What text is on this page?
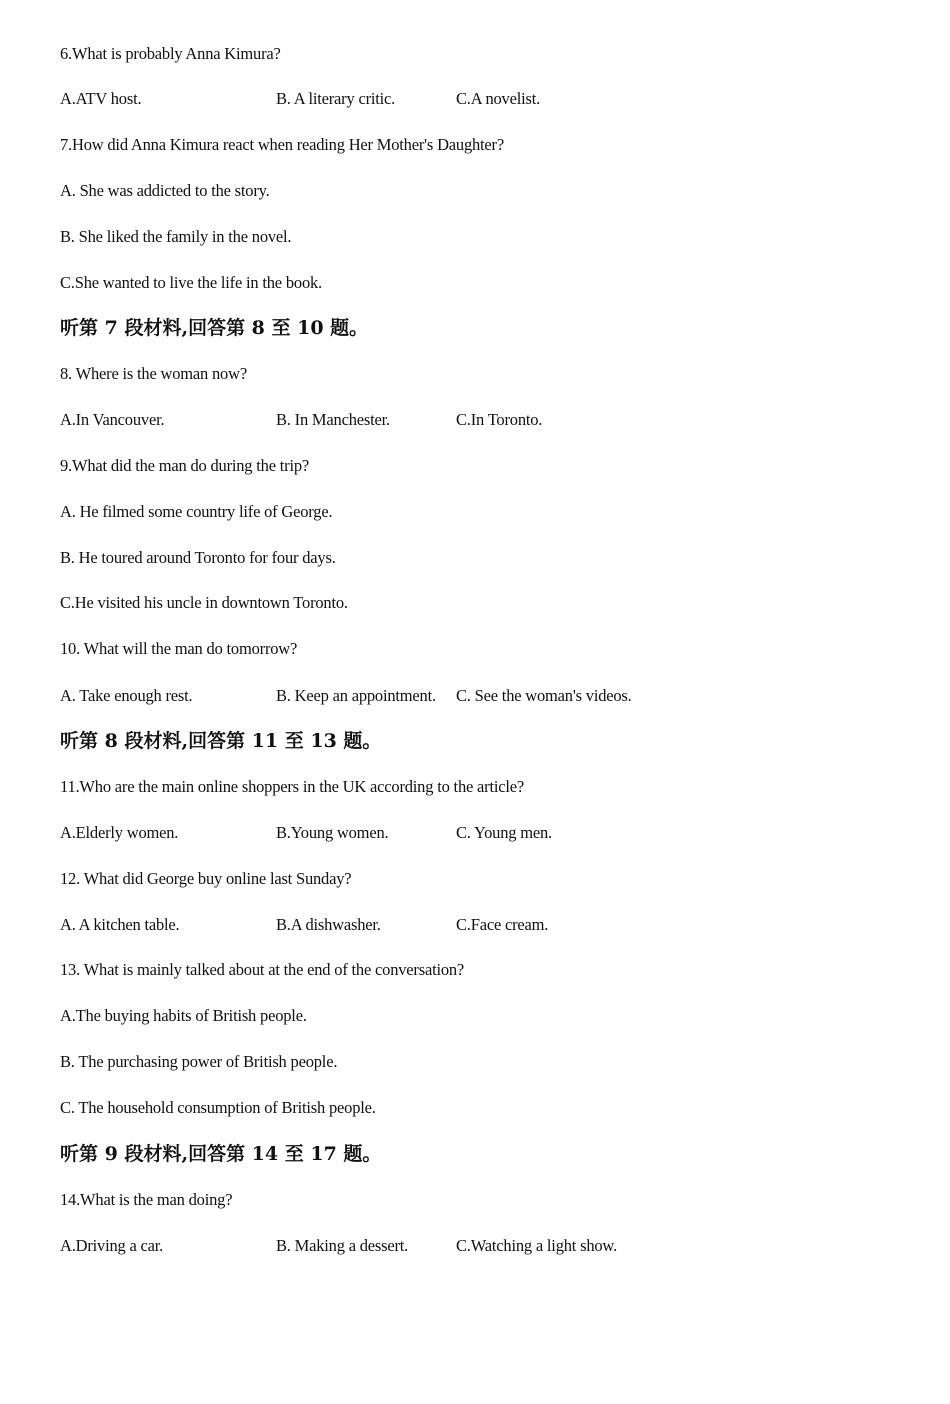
6.What is probably Anna Kimura?
A.ATV host.	B. A literary critic.	C.A novelist.
7.How did Anna Kimura react when reading Her Mother's Daughter?
A. She was addicted to the story.
B. She liked the family in the novel.
C.She wanted to live the life in the book.
听第 7 段材料,回答第 8 至 10 题。
8. Where is the woman now?
A.In Vancouver.	B. In Manchester.	C.In Toronto.
9.What did the man do during the trip?
A. He filmed some country life of George.
B. He toured around Toronto for four days.
C.He visited his uncle in downtown Toronto.
10. What will the man do tomorrow?
A. Take enough rest.	B. Keep an appointment. C. See the woman's videos.
听第 8 段材料,回答第 11 至 13 题。
11.Who are the main online shoppers in the UK according to the article?
A.Elderly women.	B.Young women.	C. Young men.
12. What did George buy online last Sunday?
A. A kitchen table.	B.A dishwasher.	C.Face cream.
13. What is mainly talked about at the end of the conversation?
A.The buying habits of British people.
B. The purchasing power of British people.
C. The household consumption of British people.
听第 9 段材料,回答第 14 至 17 题。
14.What is the man doing?
A.Driving a car.	B. Making a dessert.	C.Watching a light show.
